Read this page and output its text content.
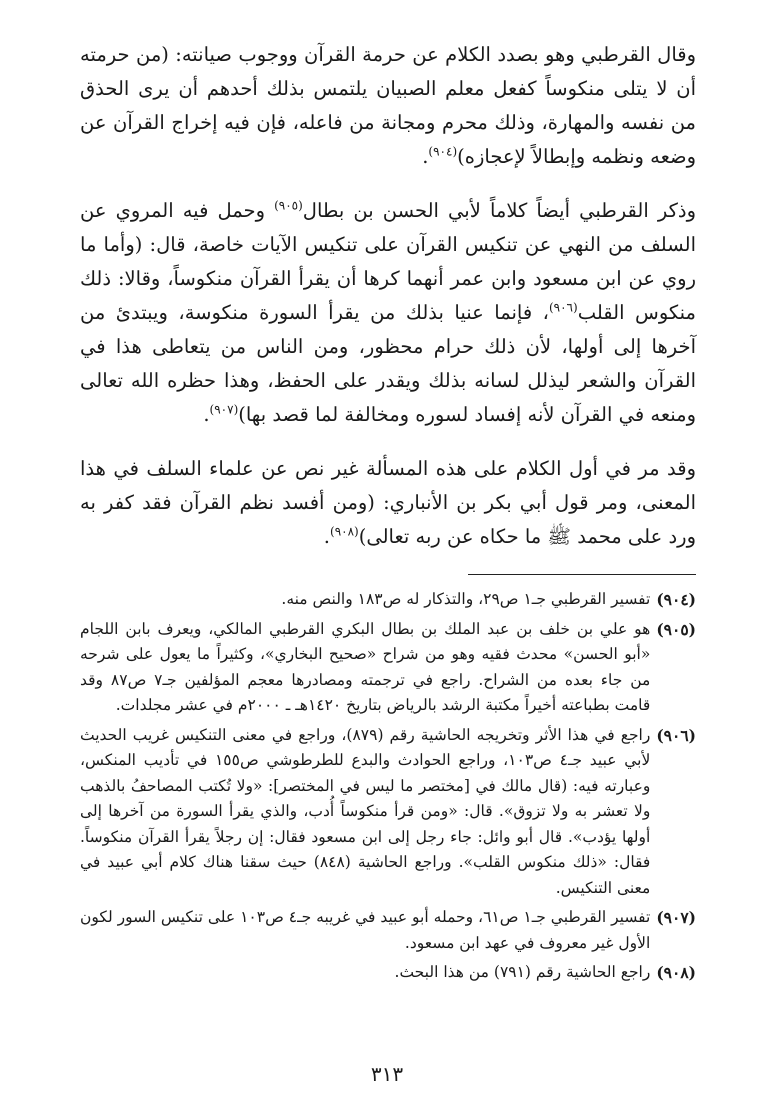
وقال القرطبي وهو بصدد الكلام عن حرمة القرآن ووجوب صيانته: (من حرمته أن لا يتلى منكوساً كفعل معلم الصبيان يلتمس بذلك أحدهم أن يرى الحذق من نفسه والمهارة، وذلك محرم ومجانة من فاعله، فإن فيه إخراج القرآن عن وضعه ونظمه وإبطالاً لإعجازه)$^{(٩٠٤)}$.

وذكر القرطبي أيضاً كلاماً لأبي الحسن بن بطال$^{(٩٠٥)}$ وحمل فيه المروي عن السلف من النهي عن تنكيس القرآن على تنكيس الآيات خاصة، قال: (وأما ما روي عن ابن مسعود وابن عمر أنهما كرها أن يقرأ القرآن منكوساً، وقالا: ذلك منكوس القلب$^{(٩٠٦)}$، فإنما عنيا بذلك من يقرأ السورة منكوسة، ويبتدئ من آخرها إلى أولها، لأن ذلك حرام محظور، ومن الناس من يتعاطى هذا في القرآن والشعر ليذلل لسانه بذلك ويقدر على الحفظ، وهذا حظره الله تعالى ومنعه في القرآن لأنه إفساد لسوره ومخالفة لما قصد بها)$^{(٩٠٧)}$.

وقد مر في أول الكلام على هذه المسألة غير نص عن علماء السلف في هذا المعنى، ومر قول أبي بكر بن الأنباري: (ومن أفسد نظم القرآن فقد كفر به ورد على محمد ﷺ ما حكاه عن ربه تعالى)$^{(٩٠٨)}$.

(٩٠٤)
تفسير القرطبي جـ١ ص٢٩، والتذكار له ص١٨٣ والنص منه.
(٩٠٥)
هو علي بن خلف بن عبد الملك بن بطال البكري القرطبي المالكي، ويعرف بابن اللجام «أبو الحسن» محدث فقيه وهو من شراح «صحيح البخاري»، وكثيراً ما يعول على شرحه من جاء بعده من الشراح. راجع في ترجمته ومصادرها معجم المؤلفين جـ٧ ص٨٧ وقد قامت بطباعته أخيراً مكتبة الرشد بالرياض بتاريخ ١٤٢٠هـ ـ ٢٠٠٠م في عشر مجلدات.
(٩٠٦)
راجع في هذا الأثر وتخريجه الحاشية رقم (٨٧٩)، وراجع في معنى التنكيس غريب الحديث لأبي عبيد جـ٤ ص١٠٣، وراجع الحوادث والبدع للطرطوشي ص١٥٥ في تأديب المنكس، وعبارته فيه: (قال مالك في [مختصر ما ليس في المختصر]: «ولا تُكتب المصاحفُ بالذهب ولا تعشر به ولا تزوق». قال: «ومن قرأ منكوساً أُدب، والذي يقرأ السورة من آخرها إلى أولها يؤدب». قال أبو وائل: جاء رجل إلى ابن مسعود فقال: إن رجلاً يقرأ القرآن منكوساً. فقال: «ذلك منكوس القلب». وراجع الحاشية (٨٤٨) حيث سقنا هناك كلام أبي عبيد في معنى التنكيس.
(٩٠٧)
تفسير القرطبي جـ١ ص٦١، وحمله أبو عبيد في غريبه جـ٤ ص١٠٣ على تنكيس السور لكون الأول غير معروف في عهد ابن مسعود.
(٩٠٨)
راجع الحاشية رقم (٧٩١) من هذا البحث.
٣١٣
